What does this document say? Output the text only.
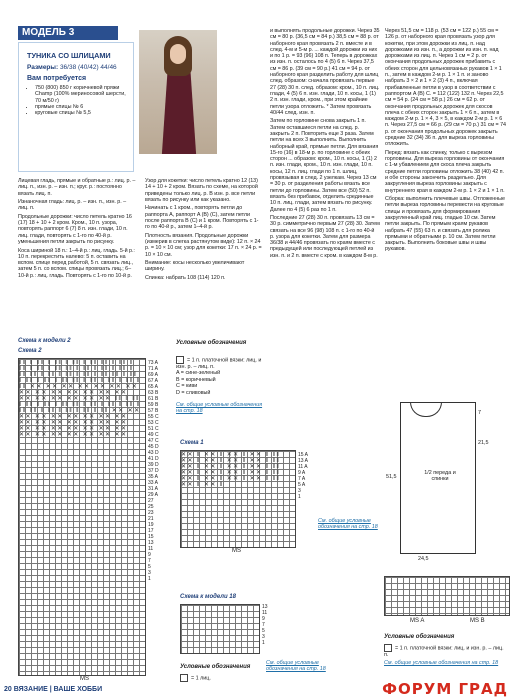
МОДЕЛЬ 3
ТУНИКА СО ШЛИЦАМИ
Размеры: 36/38 (40/42) 44/46
Вам потребуется
• 750 (800) 850 г коричневой пряжи Champ (100% мериносовой шерсти, 70 м/50 г)
• прямые спицы № 6
• круговые спицы № 5,5

Лицевая гладь, прямые и обратные р.: лиц. р. – лиц. п., изн. р. – изн. п.; круг. р.: постоянно вязать лиц. п.

Изнаночная гладь: лиц. р. – изн. п., изн. р. – лиц. п.

Продольные дорожки: число петель кратно 16 (17) 18 + 10 + 2 кром. Кром., 10 п. узора, повторять раппорт 6 (7) 8 п. изн. глади, 10 п. лиц. глади, повторять с 1-го по 40-й р. уменьшения петли закрыть по рисунку.

Коса шириной 18 п.: 1–4-й р.: лиц. гладь. 5-й р.: 10 п. перекрестить налево: 5 п. оставить на вспом. спице перед работой, 5 п. связать лиц., затем 5 п. со вспом. спицы провязать лиц.; 6–10-й р.: лиц. гладь. Повторять с 1-го по 10-й р.

Узор для кокетки: число петель кратно 12 (13) 14 + 10 + 2 кром. Вязать по схеме, на которой приведены только лиц. р. В изн. р. все петли вязать по рисунку или как указано.

Начинать с 1 кром., повторять петли до раппорта A, раппорт A (B) (C), затем петли после раппорта B (C) и 1 кром. Повторять с 1-го по 40-й р., затем 1–4-й р.

Плотность вязания. Продольные дорожки (измерив в слегка растянутом виде): 12 п. × 24 р. = 10 × 10 см; узор для кокетки: 17 п. × 24 р. = 10 × 10 см.

Внимание: косы несколько увеличивают ширину.

Спинка: набрать 108 (114) 120 п.

и выполнять продольные дорожки. Через 35 см = 80 р. (36,5 см = 84 р.) 38,5 см = 88 р. от наборного края провязать 2 п. вместе и в след. 4-м и 5-м р. ... каждой дорожки из них и по 1 р. = 93 (96) 108 п. Теперь в дорожках из изн. п. осталось по 4 (5) 6 п. Через 37,5 см = 86 р. (39 см = 90 р.) 41 см = 94 р. от наборного края разделить работу для шлиц след. образом: сначала провязать первые 27 (28) 30 п. след. образом: кром., 10 п. лиц. глади, 4 (5) 6 п. изн. глади, 10 п. косы, 1 (1) 2 п. изн. глади, кром., при этом крайние петли узора отложить. * Затем провязать 40/44 след. изн. п.

Затем по горловине снова закрыть 1 п. Затем оставшиеся петли на след. р. закрыть 2 п. Повторить еще 3 раза. Затем петли на всех 3 выполнить. Выполнить наборный край, прямые петли. Для вязания 15-го (16) в 18-м р. по горловине с обеих сторон ... образом: кром., 10 п. косы, 1 (1) 2 п. изн. глади, кром., 10 п. изн. глади, 10 п. косы, 12 п. лиц. глади по 1 п. шлиц, провязывая в след. 2 узелкам. Через 13 см = 30 р. от разделения работы вязать все петли до горловины. Затем все (50) 52 п. вязать без прибавок, отделить срединные 10 п. лиц. глади, затем вязать по рисунку. Далее по 4 (5) 6 раз по 1 п.

Последние 27 (28) 30 п. провязать 13 см = 30 р. симметрично первым 27 (28) 30. Затем связать на все 96 (98) 108 п. с 1-го по 40-й р. узора для кокетки. Затем для размера 36/38 и 44/46 провязать по краям вместе с предыдущей или последующей петлей из изн. п. и 2 п. вместе с кром. в каждом 8-м р.

Через 51,5 см = 118 р. (53 см = 122 р.) 55 см = 126 р. от наборного края провязать узор для кокетки, при этом дорожки из лиц. п. над дорожками из изн. п., а дорожки из изн. п. над дорожками из лиц. п. Через 1 см = 2 р. от окончания продольных дорожек прибавить с обеих сторон для цельновязаных рукавов 1 × 1 п., затем в каждом 2-м р. 1 × 1 п. и заново набрать 3 × 2 и 1 × 2 (3) 4 п., включая прибавленные петли в узор в соответствии с раппортом A (B) C. = 112 (122) 132 п. Через 22,5 см = 54 р. (24 см = 58 р.) 26 см = 62 р. от окончания продольных дорожек для скосов плеча с обеих сторон закрыть 1 × 6 п., затем в каждом 2-м р. 1 × 4, 3 × 5, в каждом 2-м р. 1 × 6 п. Через 27,5 см = 66 р. (29 см = 70 р.) 31 см = 74 р. от окончания продольных дорожек закрыть средние 32 (34) 36 п. для выреза горловины отложить.

Перед: вязать как спинку, только с вырезом горловины. Для выреза горловины от окончания с 1-м убавлением для скоса плеча закрыть средние петли горловины отложить 38 (40) 42 п. и обе стороны закончить раздельно. Для закругления выреза горловины закрыть с внутреннего края в каждом 2-м р. 1 × 2 и 1 × 1 п.

Сборка: выполнить плечевые швы. Отложенные петли выреза горловины перевести на круговые спицы и провязать для формирования закругленный край лиц. гладью 10 см. Затем петли закрыть. По прямым краям рукавов набрать 47 (55) 63 п. и связать для ролика прямыми и обратными р. 10 см. Затем петли закрыть. Выполнить боковые швы и швы рукавов.

Схема к модели 2
Схема 2
‖‖ ‖ ‖‖ ‖ ‖‖ ‖ ‖‖ ‖ ‖‖ ‖‖ ‖ ‖‖ ‖ ‖‖ ‖ ‖‖ ‖ ‖‖ ‖‖ ‖ ‖‖ ‖ ‖‖ ‖ ‖‖ ‖ ‖‖ ‖‖ ‖ ‖‖ ‖ ‖‖ ‖ ‖‖ ‖ ‖‖ ‖‖ ‖ ‖‖ ‖ ‖‖ ‖ ‖‖ ‖ ‖‖ ‖‖ ‖ ‖‖ ‖ ‖‖ ‖ ‖‖ ‖ ‖‖ ✕✕ ✕✕ ✕✕ ✕✕ ✕✕ ✕✕ ✕✕ ✕✕ ✕✕ ✕✕ ✕✕ ✕✕ ✕✕ ✕✕ ✕✕ ✕✕ ✕✕ ✕✕ ✕✕ ✕✕ ‖‖ ‖ ‖‖ ‖ ‖‖ ‖ ‖‖ ‖ ‖‖ ‖‖ ‖ ‖‖ ‖ ‖‖ ‖ ‖‖ ‖ ‖‖ ‖‖ ‖ ‖‖ ‖ ‖‖ ‖ ‖‖ ‖ ‖‖ ✕✕ ✕✕ ✕✕ ✕✕ ✕✕ ✕✕ ✕✕ ✕✕ ✕✕ ✕✕ ✕✕ ✕✕ ✕✕ ✕✕ ✕✕ ✕✕ ✕✕ ✕✕ ✕✕ ✕✕ ✕✕ ✕✕ ✕✕ ✕✕ ✕✕ ✕✕ ✕✕ ✕✕ ✕✕ ✕✕
73 A
71 A
69 A
67 A
65 A
63 B
61 B
59 B
57 B
55 C
53 C
51 C
49 C
47 C
45 D
43 D
41 D
39 D
37 D
35 A
33 A
31 A
29 A
27
25
23
21
19
17
15
13
11
9
7
5
3
1
MS
Условные обозначения
= 1 п. платочной вязки: лиц. и изн. р. – лиц. п.
A = сине-зеленый
B = коричневый
C = киви
D = сливовый
См. общие условные обозначения на стр. 18
Схема 1
✕✕ ‖ ✕✕ ‖ ✕✕ ‖ ✕✕ ‖ ‖‖ ✕✕ ‖ ✕✕ ‖ ✕✕ ‖ ✕✕ ‖ ‖‖ ✕✕ ‖ ✕✕ ‖ ✕✕ ‖ ✕✕ ‖ ‖‖ ✕✕ ‖ ✕✕ ‖ ✕✕ ‖ ✕✕ ‖ ‖‖ ✕✕ ‖ ✕✕ ‖ ✕✕ ‖ ✕✕ ‖ ‖‖ ✕✕ ‖ ✕✕ ‖
15 A
13 A
11 A
9 A
7 A
5 A
3
1
MS
См. общие условные обозначения на стр. 18
Схема к модели 18
13
11
9
7
5
3
1
Условные обозначения
= 1 лиц.
См. общие условные обозначения на стр. 18
1/2 переда и спинки
24,5
51,5
21,5
7
MS A	MS B
Условные обозначения
= 1 п. платочной вязки: лиц. и изн. р. – лиц. п.
См. общие условные обозначения на стр. 18
20 ВЯЗАНИЕ | ВАШЕ ХОББИ	ФОРУМ ГРАД
